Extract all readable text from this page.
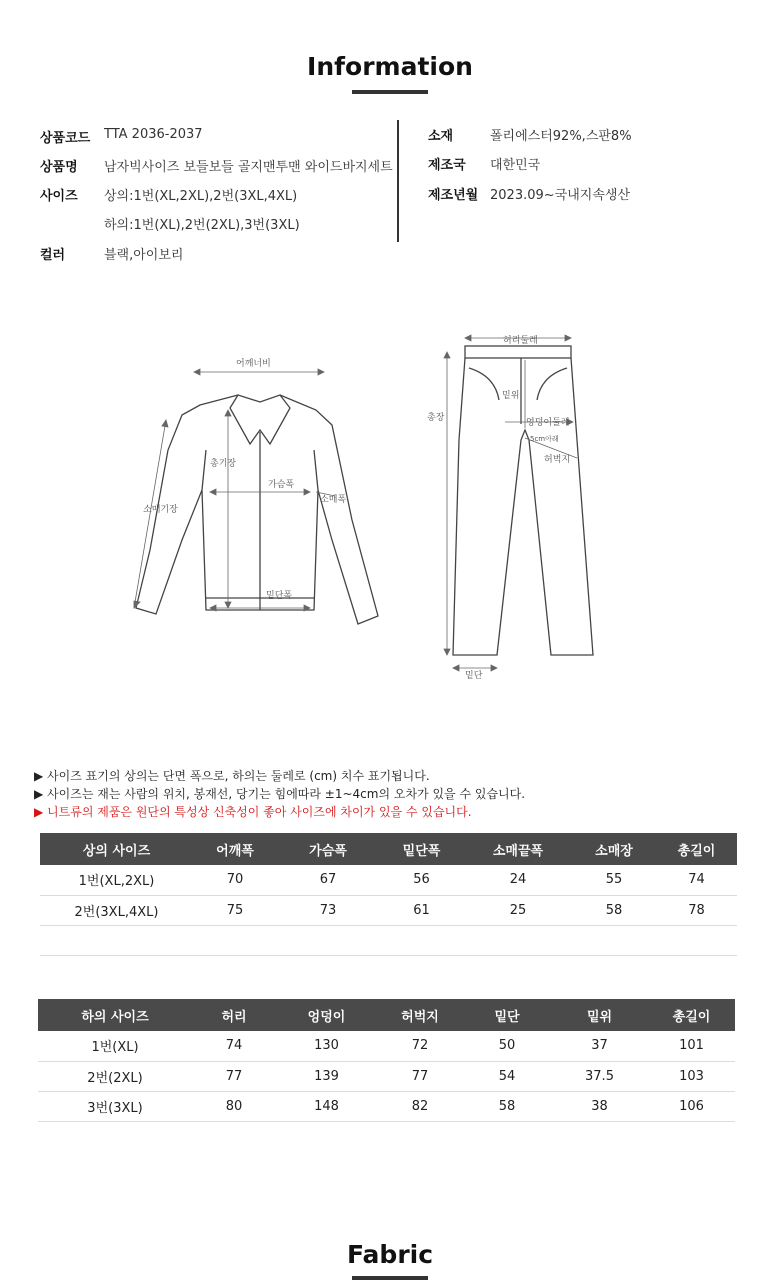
Information
상품코드 TTA 2036-2037
상품명 남자빅사이즈 보들보들 골지맨투맨 와이드바지세트
사이즈 상의:1번(XL,2XL),2번(3XL,4XL)
하의:1번(XL),2번(2XL),3번(3XL)
컬러	블랙,아이보리
소재	폴리에스터92%,스판8%
제조국 대한민국
제조년월 2023.09~국내지속생산
어깨너비
총기장
가슴폭
소매폭
소매기장
밑단폭
허리둘레
밑위
총장	엉덩이둘레
5cm아래
허벅지
밑단
▶ 사이즈 표기의 상의는 단면 폭으로, 하의는 둘레로 (cm) 치수 표기됩니다.
▶ 사이즈는 재는 사람의 위치, 봉재선, 당기는 힘에따라 ±1~4cm의 오차가 있을 수 있습니다.
▶ 니트류의 제품은 원단의 특성상 신축성이 좋아 사이즈에 차이가 있을 수 있습니다.
상의 사이즈	어깨폭	가슴폭	밑단폭	소매끝폭	소매장	총길이
1번(XL,2XL)	70	67	56	24	55	74
2번(3XL,4XL)	75	73	61	25	58	78

하의 사이즈	허리	엉덩이	허벅지	밑단	밑위	총길이
1번(XL)	74	130	72	50	37	101
2번(2XL)	77	139	77	54	37.5	103
3번(3XL)	80	148	82	58	38	106
Fabric
